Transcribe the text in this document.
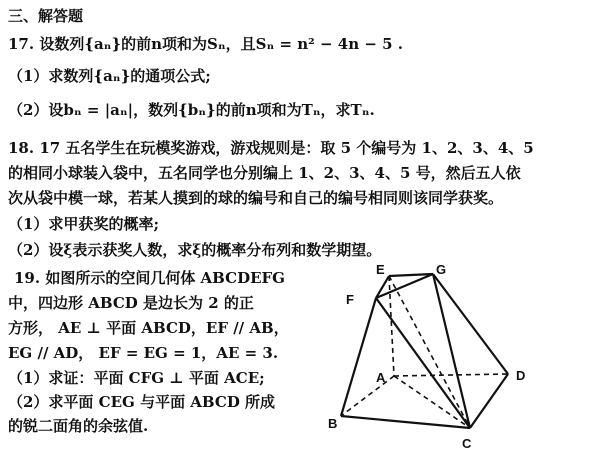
三、解答题
17. 设数列{aₙ}的前n项和为Sₙ，且Sₙ = n² − 4n − 5 .
（1）求数列{aₙ}的通项公式;
（2）设bₙ = |aₙ|，数列{bₙ}的前n项和为Tₙ，求Tₙ.
18. 17 五名学生在玩模奖游戏，游戏规则是：取 5 个编号为 1、2、3、4、5
的相同小球装入袋中，五名同学也分别编上 1、2、3、4、5 号，然后五人依
次从袋中模一球，若某人摸到的球的编号和自己的编号相同则该同学获奖。
（1）求甲获奖的概率;
（2）设ξ表示获奖人数，求ξ的概率分布列和数学期望。
19. 如图所示的空间几何体 ABCDEFG
中，四边形 ABCD 是边长为 2 的正
方形， AE ⊥ 平面 ABCD，EF // AB，
EG // AD， EF = EG = 1，AE = 3.
（1）求证：平面 CFG ⊥ 平面 ACE;
（2）求平面 CEG 与平面 ABCD 所成
的锐二面角的余弦值.
E	G
F
A	D
B
C
